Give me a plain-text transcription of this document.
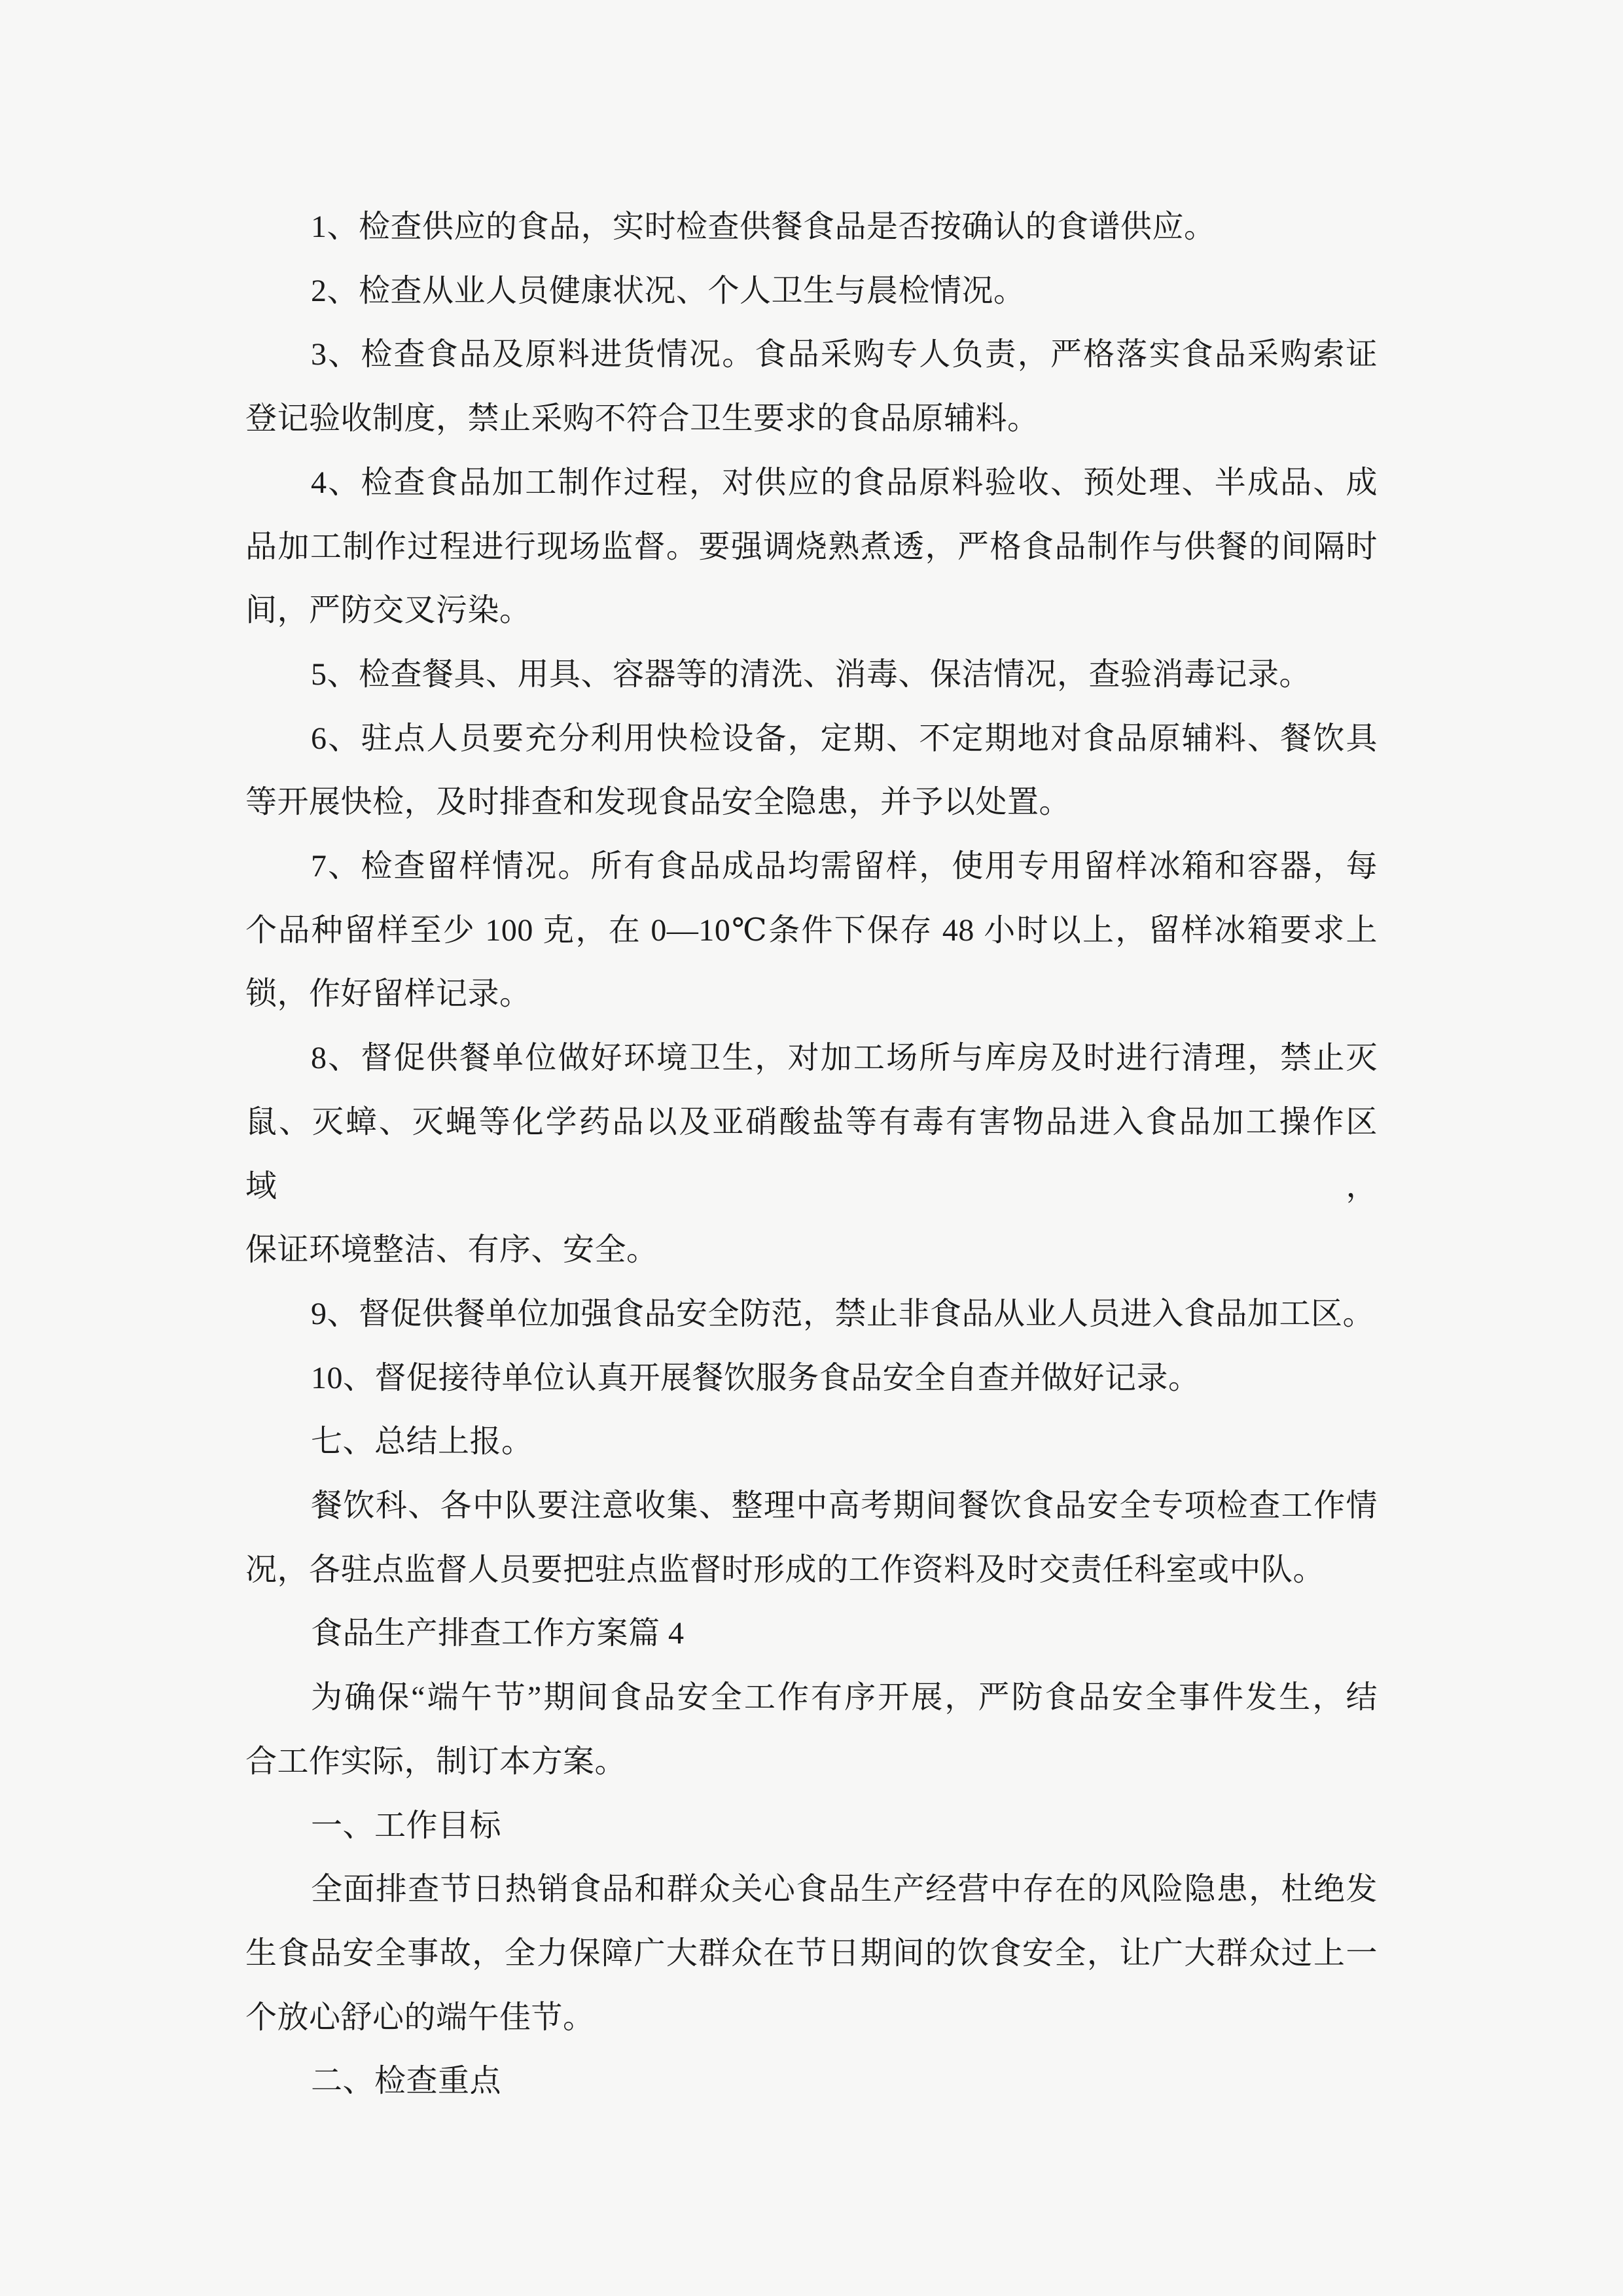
1、检查供应的食品，实时检查供餐食品是否按确认的食谱供应。
2、检查从业人员健康状况、个人卫生与晨检情况。
3、检查食品及原料进货情况。食品采购专人负责，严格落实食品采购索证
登记验收制度，禁止采购不符合卫生要求的食品原辅料。
4、检查食品加工制作过程，对供应的食品原料验收、预处理、半成品、成
品加工制作过程进行现场监督。要强调烧熟煮透，严格食品制作与供餐的间隔时
间，严防交叉污染。
5、检查餐具、用具、容器等的清洗、消毒、保洁情况，查验消毒记录。
6、驻点人员要充分利用快检设备，定期、不定期地对食品原辅料、餐饮具
等开展快检，及时排查和发现食品安全隐患，并予以处置。
7、检查留样情况。所有食品成品均需留样，使用专用留样冰箱和容器，每
个品种留样至少 100 克，在 0—10℃条件下保存 48 小时以上，留样冰箱要求上
锁，作好留样记录。
8、督促供餐单位做好环境卫生，对加工场所与库房及时进行清理，禁止灭
鼠、灭蟑、灭蝇等化学药品以及亚硝酸盐等有毒有害物品进入食品加工操作区域，
保证环境整洁、有序、安全。
9、督促供餐单位加强食品安全防范，禁止非食品从业人员进入食品加工区。
10、督促接待单位认真开展餐饮服务食品安全自查并做好记录。
七、总结上报。
餐饮科、各中队要注意收集、整理中高考期间餐饮食品安全专项检查工作情
况，各驻点监督人员要把驻点监督时形成的工作资料及时交责任科室或中队。
食品生产排查工作方案篇 4
为确保“端午节”期间食品安全工作有序开展，严防食品安全事件发生，结
合工作实际，制订本方案。
一、工作目标
全面排查节日热销食品和群众关心食品生产经营中存在的风险隐患，杜绝发
生食品安全事故，全力保障广大群众在节日期间的饮食安全，让广大群众过上一
个放心舒心的端午佳节。
二、检查重点
